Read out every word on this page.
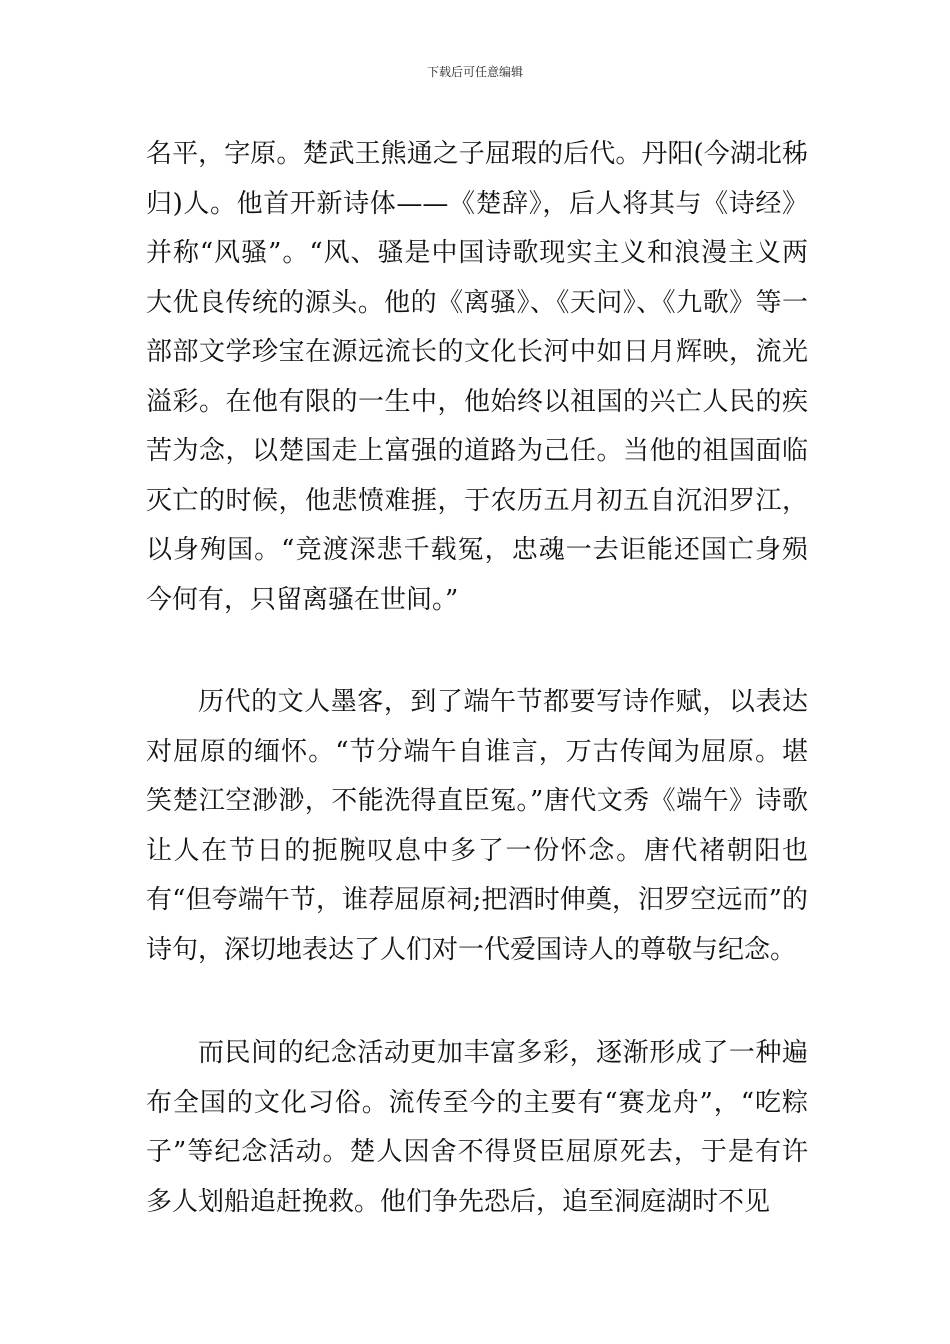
下载后可任意编辑

名平，字原。楚武王熊通之子屈瑕的后代。丹阳(今湖北秭归)人。他首开新诗体——《楚辞》，后人将其与《诗经》并称“风骚”。“风、骚是中国诗歌现实主义和浪漫主义两大优良传统的源头。他的《离骚》、《天问》、《九歌》等一部部文学珍宝在源远流长的文化长河中如日月辉映，流光溢彩。在他有限的一生中，他始终以祖国的兴亡人民的疾苦为念，以楚国走上富强的道路为己任。当他的祖国面临灭亡的时候，他悲愤难捱，于农历五月初五自沉汨罗江，以身殉国。“竞渡深悲千载冤，忠魂一去讵能还国亡身殒今何有，只留离骚在世间。”

历代的文人墨客，到了端午节都要写诗作赋，以表达对屈原的缅怀。“节分端午自谁言，万古传闻为屈原。堪笑楚江空渺渺，不能洗得直臣冤。”唐代文秀《端午》诗歌让人在节日的扼腕叹息中多了一份怀念。唐代褚朝阳也有“但夸端午节，谁荐屈原祠;把酒时伸奠，汨罗空远而”的诗句，深切地表达了人们对一代爱国诗人的尊敬与纪念。

而民间的纪念活动更加丰富多彩，逐渐形成了一种遍布全国的文化习俗。流传至今的主要有“赛龙舟”，“吃粽子”等纪念活动。楚人因舍不得贤臣屈原死去，于是有许多人划船追赶挽救。他们争先恐后，追至洞庭湖时不见
